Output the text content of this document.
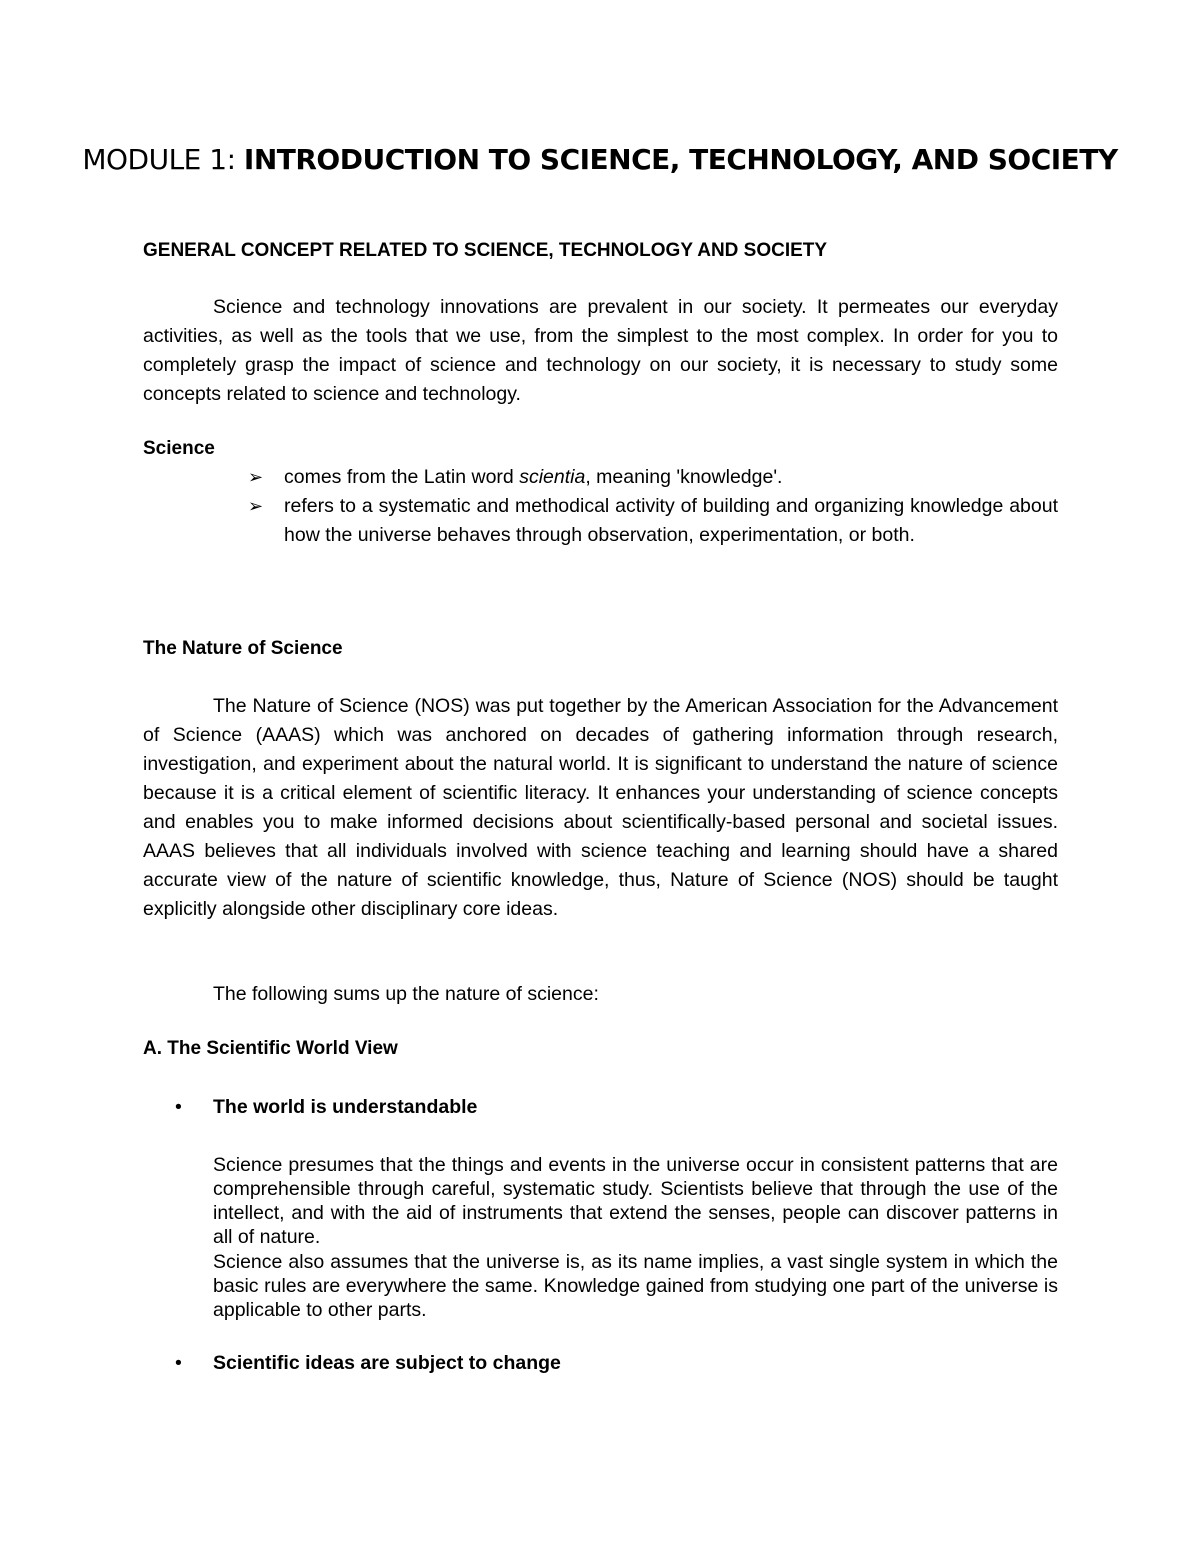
MODULE 1: INTRODUCTION TO SCIENCE, TECHNOLOGY, AND SOCIETY
GENERAL CONCEPT RELATED TO SCIENCE, TECHNOLOGY AND SOCIETY

Science and technology innovations are prevalent in our society. It permeates our everyday activities, as well as the tools that we use, from the simplest to the most complex. In order for you to completely grasp the impact of science and technology on our society, it is necessary to study some concepts related to science and technology.

Science
➢ comes from the Latin word scientia, meaning 'knowledge'.
➢ refers to a systematic and methodical activity of building and organizing knowledge about how the universe behaves through observation, experimentation, or both.
The Nature of Science

The Nature of Science (NOS) was put together by the American Association for the Advancement of Science (AAAS) which was anchored on decades of gathering information through research, investigation, and experiment about the natural world. It is significant to understand the nature of science because it is a critical element of scientific literacy. It enhances your understanding of science concepts and enables you to make informed decisions about scientifically-based personal and societal issues. AAAS believes that all individuals involved with science teaching and learning should have a shared accurate view of the nature of scientific knowledge, thus, Nature of Science (NOS) should be taught explicitly alongside other disciplinary core ideas.

The following sums up the nature of science:
A. The Scientific World View
• The world is understandable

Science presumes that the things and events in the universe occur in consistent patterns that are comprehensible through careful, systematic study. Scientists believe that through the use of the intellect, and with the aid of instruments that extend the senses, people can discover patterns in all of nature.

Science also assumes that the universe is, as its name implies, a vast single system in which the basic rules are everywhere the same. Knowledge gained from studying one part of the universe is applicable to other parts.

• Scientific ideas are subject to change
